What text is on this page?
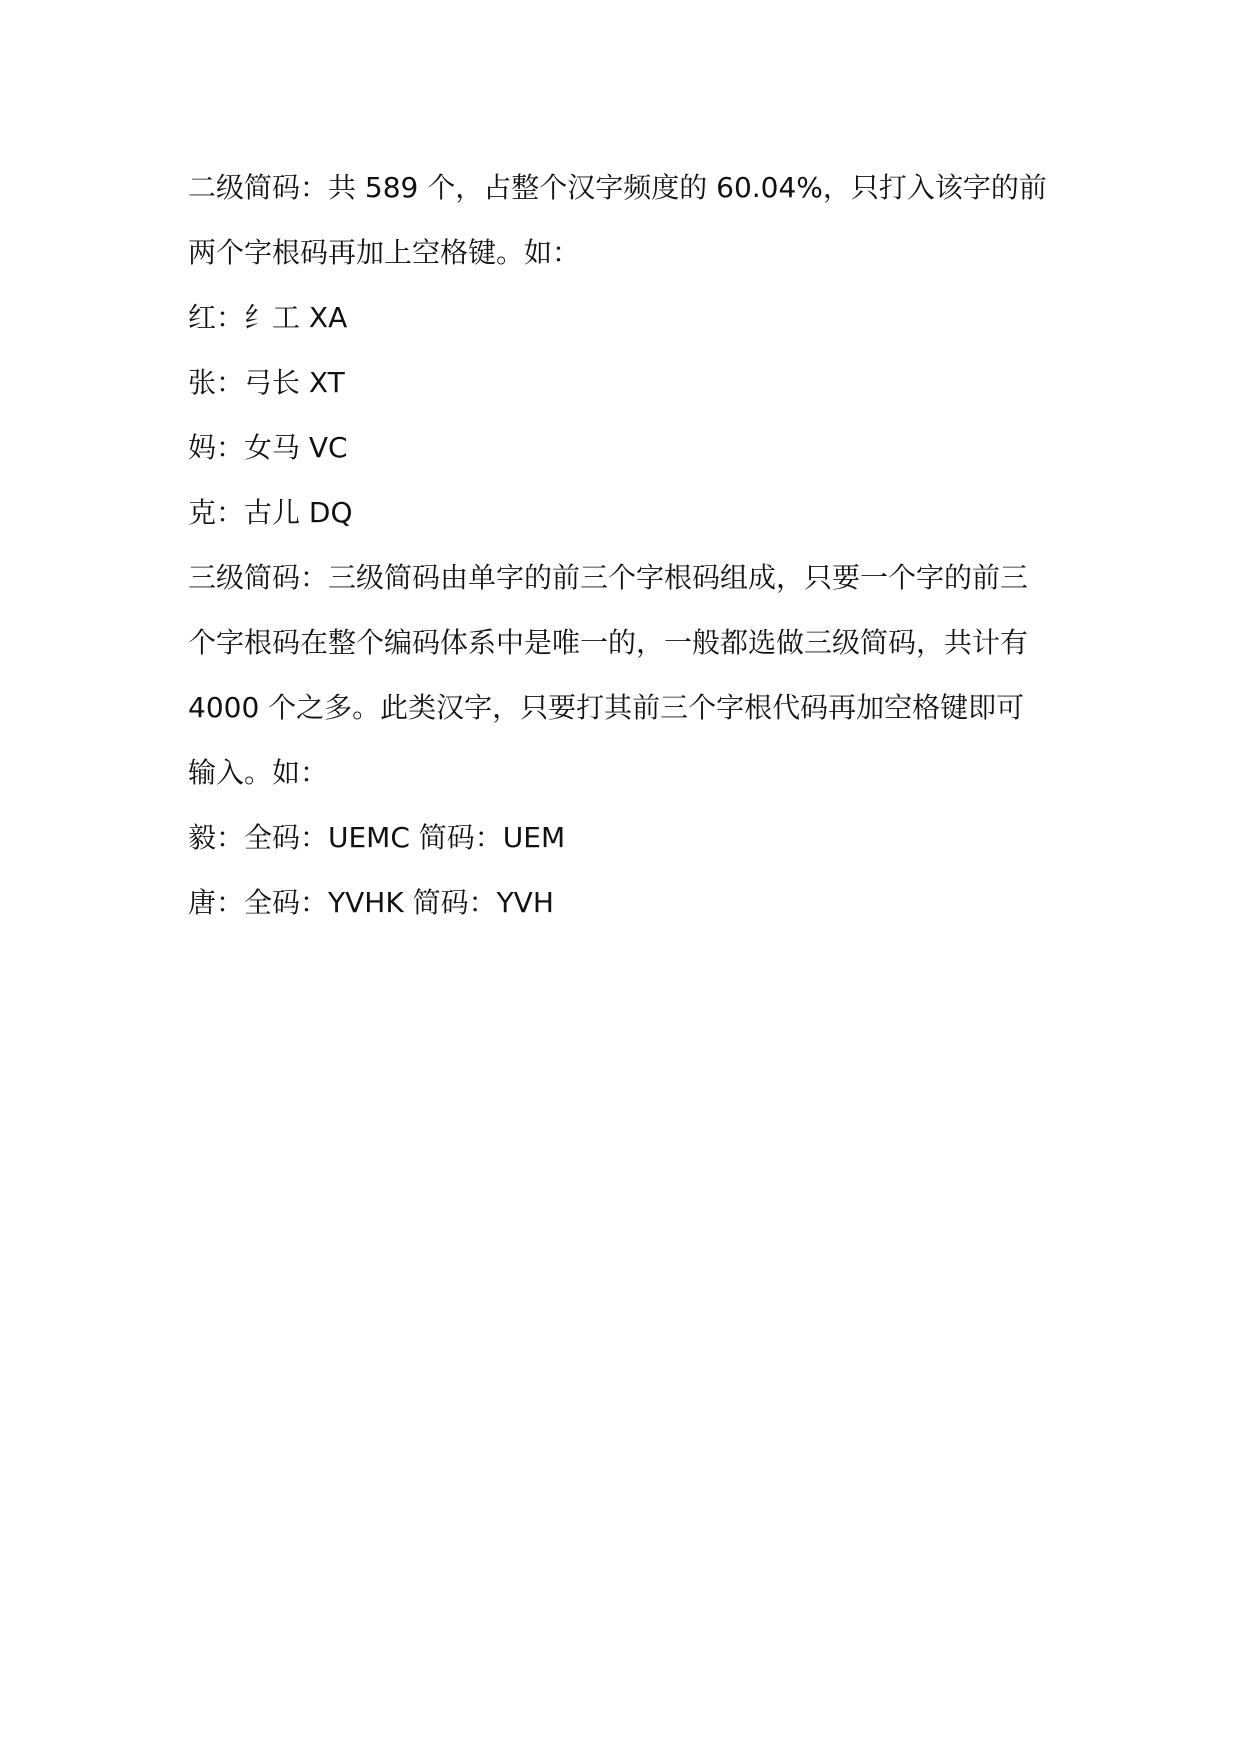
二级简码：共 589 个，占整个汉字频度的 60.04%，只打入该字的前
两个字根码再加上空格键。如：
红：纟工 XA
张：弓长 XT
妈：女马 VC
克：古儿 DQ
三级简码：三级简码由单字的前三个字根码组成，只要一个字的前三
个字根码在整个编码体系中是唯一的，一般都选做三级简码，共计有
4000 个之多。此类汉字，只要打其前三个字根代码再加空格键即可
输入。如：
毅：全码：UEMC 简码：UEM
唐：全码：YVHK 简码：YVH
